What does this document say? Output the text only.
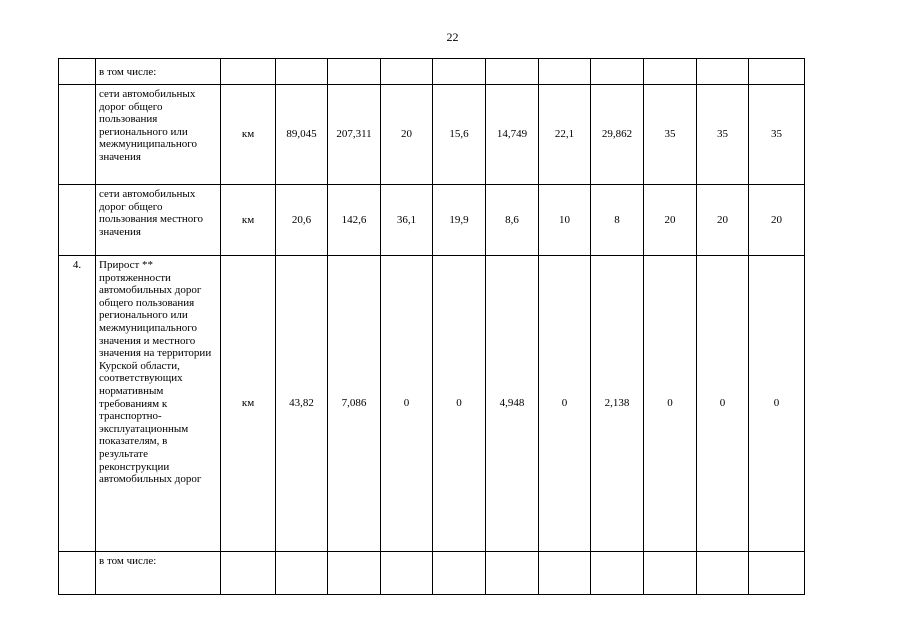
22
	в том числе:											
	сети автомобильных дорог общего пользования регионального или межмуниципального значения	км	89,045	207,311	20	15,6	14,749	22,1	29,862	35	35	35
	сети автомобильных дорог общего пользования местного значения	км	20,6	142,6	36,1	19,9	8,6	10	8	20	20	20
4.	Прирост ** протяженности автомобильных дорог общего пользования регионального или межмуниципального значения и местного значения на территории Курской области, соответствующих нормативным требованиям к транспортно-эксплуатационным показателям, в результате реконструкции автомобильных дорог	км	43,82	7,086	0	0	4,948	0	2,138	0	0	0
	в том числе:											
